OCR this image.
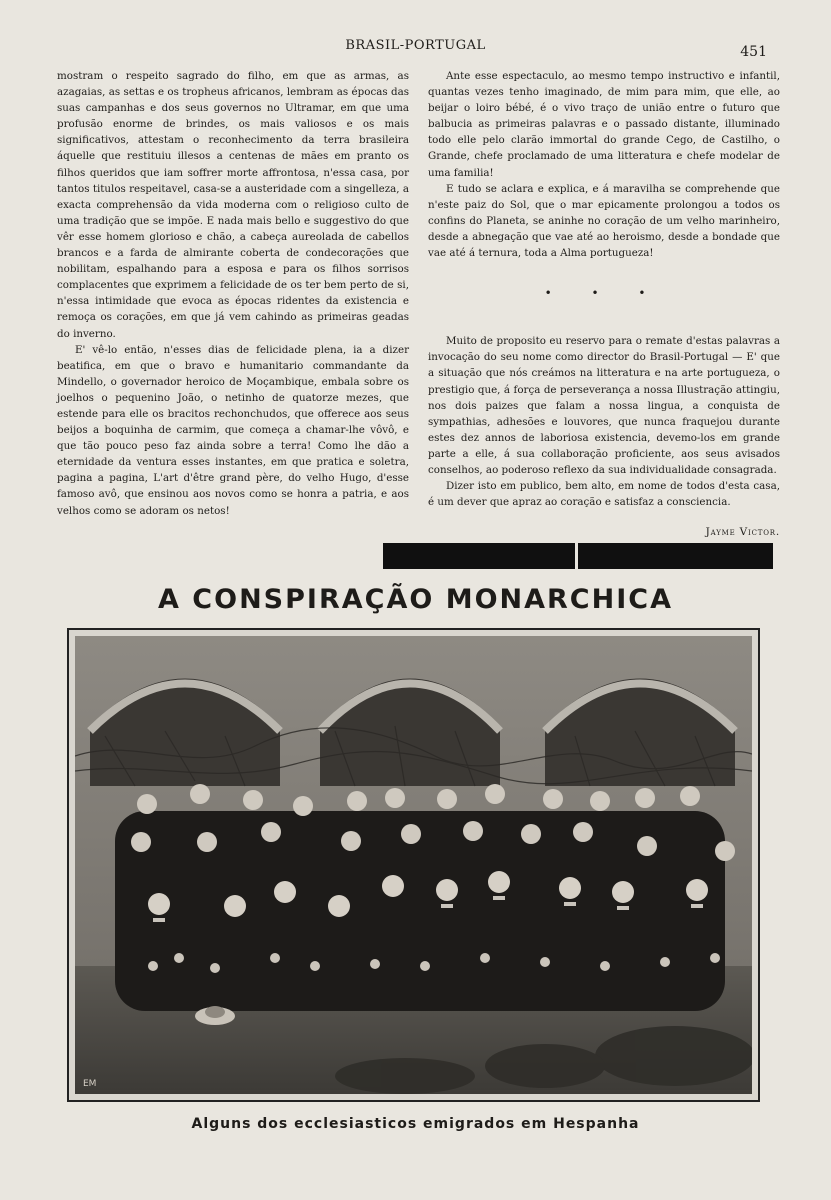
BRASIL-PORTUGAL	451

mostram o respeito sagrado do filho, em que as armas, as azagaias, as settas e os tropheus africanos, lembram as épocas das suas campanhas e dos seus governos no Ultramar, em que uma profusão enorme de brindes, os mais valiosos e os mais significativos, attestam o reconhecimento da terra brasileira áquelle que restituiu illesos a centenas de mães em pranto os filhos queridos que iam soffrer morte affrontosa, n'essa casa, por tantos titulos respeitavel, casa-se a austeridade com a singelleza, a exacta comprehensão da vida moderna com o religioso culto de uma tradição que se impõe. E nada mais bello e suggestivo do que vêr esse homem glorioso e chão, a cabeça aureolada de cabellos brancos e a farda de almirante coberta de condecorações que nobilitam, espalhando para a esposa e para os filhos sorrisos complacentes que exprimem a felicidade de os ter bem perto de si, n'essa intimidade que evoca as épocas ridentes da existencia e remoça os corações, em que já vem cahindo as primeiras geadas do inverno.

E' vê-lo então, n'esses dias de felicidade plena, ia a dizer beatifica, em que o bravo e humanitario commandante da Mindello, o governador heroico de Moçambique, embala sobre os joelhos o pequenino João, o netinho de quatorze mezes, que estende para elle os bracitos rechonchudos, que offerece aos seus beijos a boquinha de carmim, que começa a chamar-lhe vôvô, e que tão pouco peso faz ainda sobre a terra! Como lhe dão a eternidade da ventura esses instantes, em que pratica e soletra, pagina a pagina, L'art d'être grand père, do velho Hugo, d'esse famoso avô, que ensinou aos novos como se honra a patria, e aos velhos como se adoram os netos!

Ante esse espectaculo, ao mesmo tempo instructivo e infantil, quantas vezes tenho imaginado, de mim para mim, que elle, ao beijar o loiro bébé, é o vivo traço de união entre o futuro que balbucia as primeiras palavras e o passado distante, illuminado todo elle pelo clarão immortal do grande Cego, de Castilho, o Grande, chefe proclamado de uma litteratura e chefe modelar de uma familia!

E tudo se aclara e explica, e á maravilha se comprehende que n'este paiz do Sol, que o mar epicamente prolongou a todos os confins do Planeta, se aninhe no coração de um velho marinheiro, desde a abnegação que vae até ao heroismo, desde a bondade que vae até á ternura, toda a Alma portugueza!

• • •

Muito de proposito eu reservo para o remate d'estas palavras a invocação do seu nome como director do Brasil-Portugal — E' que a situação que nós creámos na litteratura e na arte portugueza, o prestigio que, á força de perseverança a nossa Illustração attingiu, nos dois paizes que falam a nossa lingua, a conquista de sympathias, adhesões e louvores, que nunca fraquejou durante estes dez annos de laboriosa existencia, devemo-los em grande parte a elle, á sua collaboração proficiente, aos seus avisados conselhos, ao poderoso reflexo da sua individualidade consagrada.

Dizer isto em publico, bem alto, em nome de todos d'esta casa, é um dever que apraz ao coração e satisfaz a consciencia.

Jayme Victor.
A CONSPIRAÇÃO MONARCHICA
EM
Alguns dos ecclesiasticos emigrados em Hespanha
